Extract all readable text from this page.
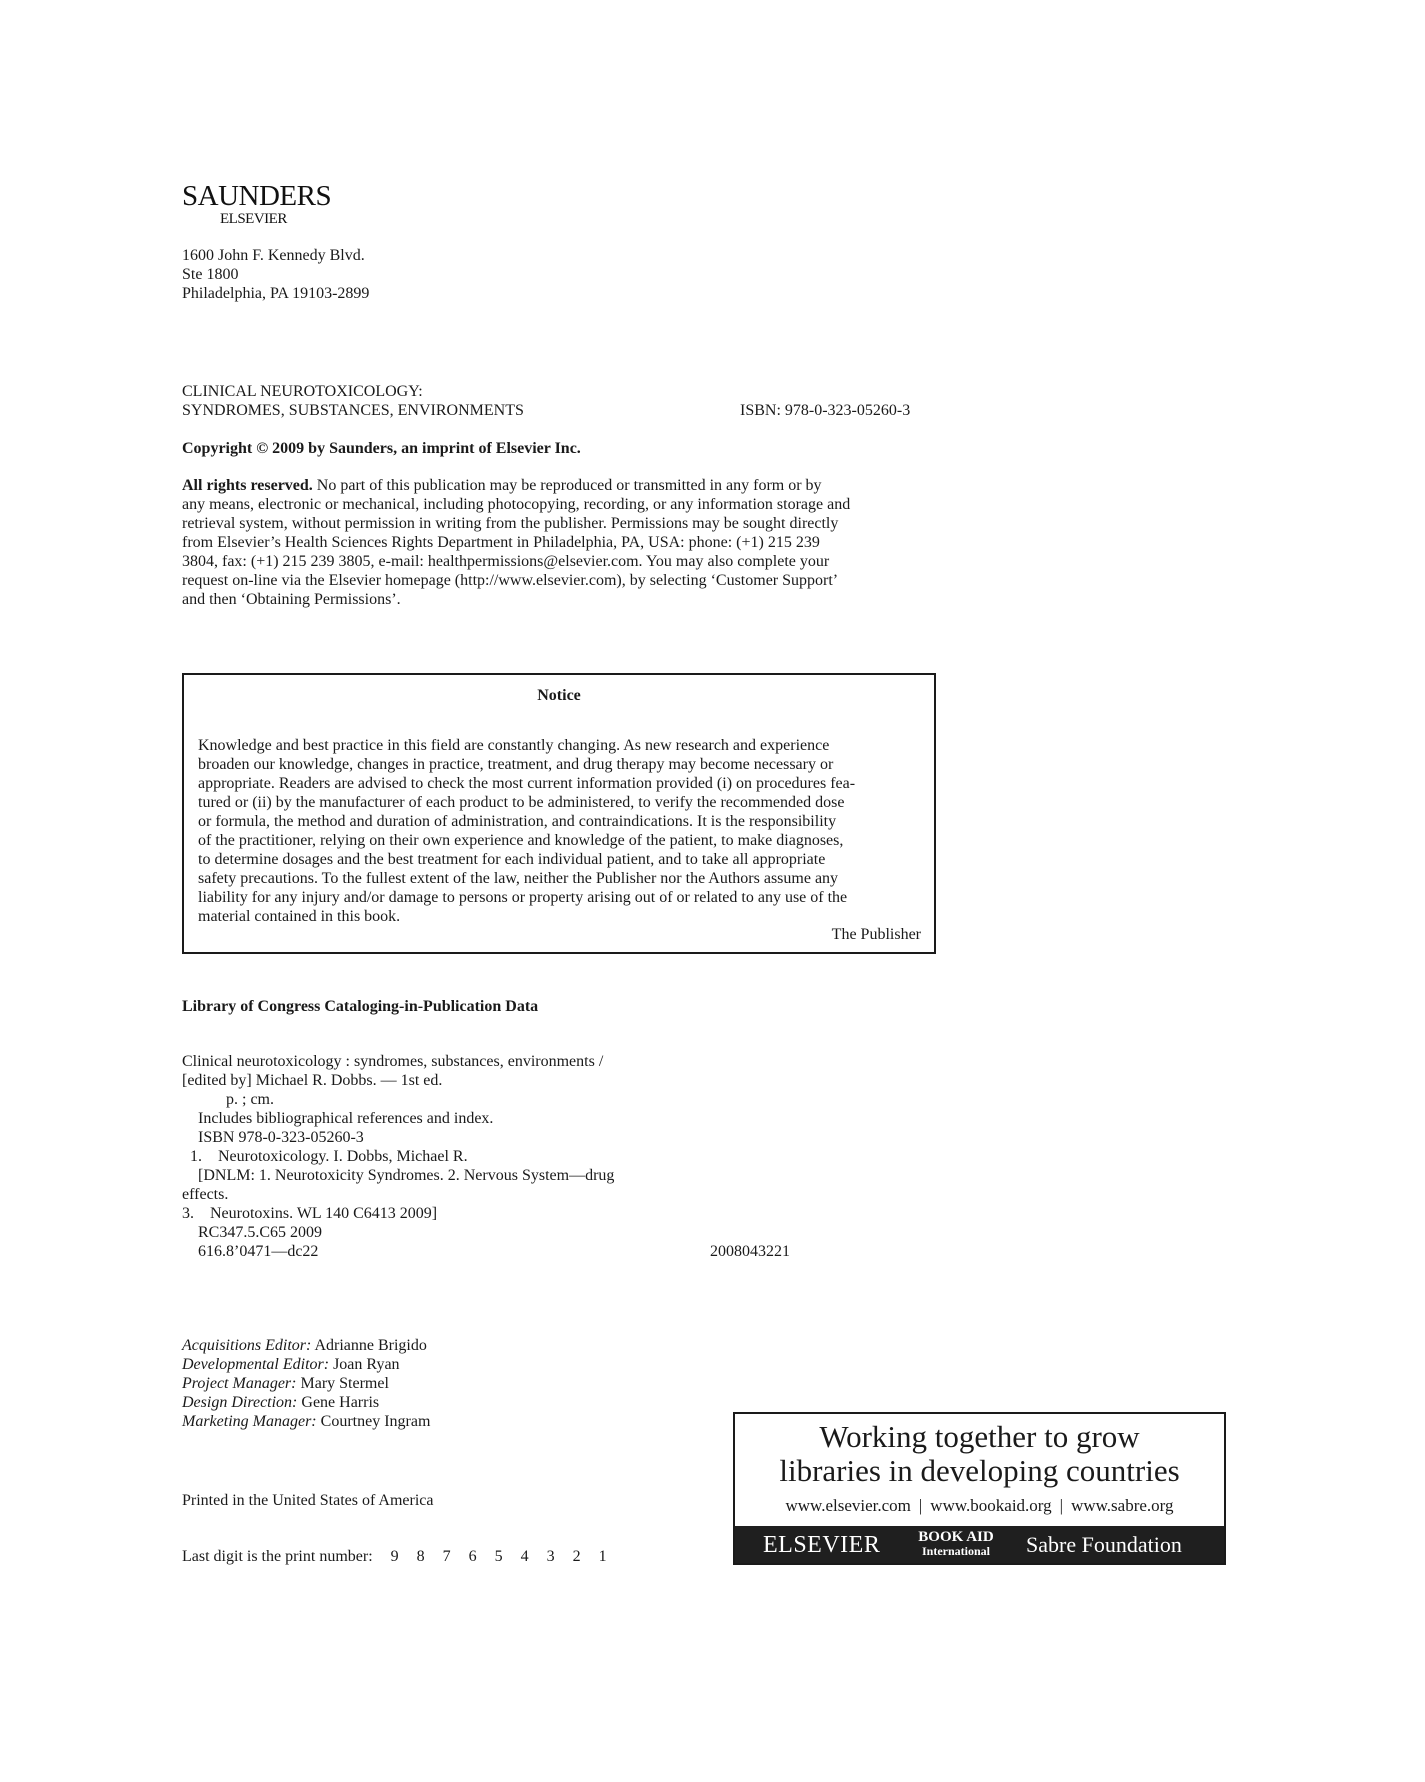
SAUNDERS
ELSEVIER
1600 John F. Kennedy Blvd.
Ste 1800
Philadelphia, PA 19103-2899
CLINICAL NEUROTOXICOLOGY:
SYNDROMES, SUBSTANCES, ENVIRONMENTS	ISBN: 978-0-323-05260-3
Copyright © 2009 by Saunders, an imprint of Elsevier Inc.
All rights reserved. No part of this publication may be reproduced or transmitted in any form or by
any means, electronic or mechanical, including photocopying, recording, or any information storage and
retrieval system, without permission in writing from the publisher. Permissions may be sought directly
from Elsevier’s Health Sciences Rights Department in Philadelphia, PA, USA: phone: (+1) 215 239
3804, fax: (+1) 215 239 3805, e-mail: healthpermissions@elsevier.com. You may also complete your
request on-line via the Elsevier homepage (http://www.elsevier.com), by selecting ‘Customer Support’
and then ‘Obtaining Permissions’.
Notice
Knowledge and best practice in this field are constantly changing. As new research and experience
broaden our knowledge, changes in practice, treatment, and drug therapy may become necessary or
appropriate. Readers are advised to check the most current information provided (i) on procedures fea-
tured or (ii) by the manufacturer of each product to be administered, to verify the recommended dose
or formula, the method and duration of administration, and contraindications. It is the responsibility
of the practitioner, relying on their own experience and knowledge of the patient, to make diagnoses,
to determine dosages and the best treatment for each individual patient, and to take all appropriate
safety precautions. To the fullest extent of the law, neither the Publisher nor the Authors assume any
liability for any injury and/or damage to persons or property arising out of or related to any use of the
material contained in this book.
The Publisher
Library of Congress Cataloging-in-Publication Data
Clinical neurotoxicology : syndromes, substances, environments /
[edited by] Michael R. Dobbs. — 1st ed.
p. ; cm.
Includes bibliographical references and index.
ISBN 978-0-323-05260-3
1.    Neurotoxicology. I. Dobbs, Michael R.
[DNLM: 1. Neurotoxicity Syndromes. 2. Nervous System—drug
effects.
3.    Neurotoxins. WL 140 C6413 2009]
RC347.5.C65 2009
616.8’0471—dc22	2008043221
Acquisitions Editor: Adrianne Brigido
Developmental Editor: Joan Ryan
Project Manager: Mary Stermel
Design Direction: Gene Harris
Marketing Manager: Courtney Ingram
Printed in the United States of America
Last digit is the print number: 9 8 7 6 5 4 3 2 1
Working together to grow
libraries in developing countries
www.elsevier.com | www.bookaid.org | www.sabre.org
ELSEVIER	BOOK AID
International	Sabre Foundation
